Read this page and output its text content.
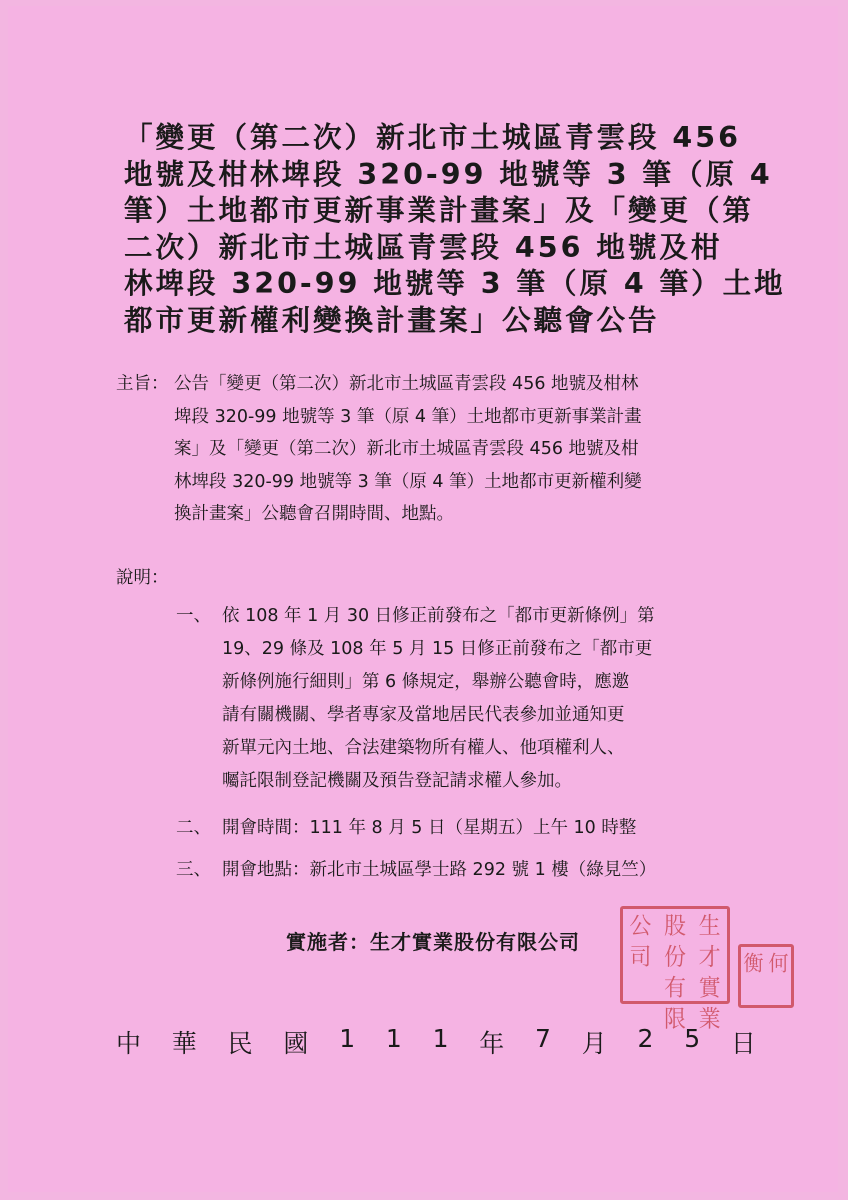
「變更（第二次）新北市土城區青雲段 456
地號及柑林埤段 320-99 地號等 3 筆（原 4
筆）土地都市更新事業計畫案」及「變更（第
二次）新北市土城區青雲段 456 地號及柑
林埤段 320-99 地號等 3 筆（原 4 筆）土地
都市更新權利變換計畫案」公聽會公告
主旨： 公告「變更（第二次）新北市土城區青雲段 456 地號及柑林
埤段 320-99 地號等 3 筆（原 4 筆）土地都市更新事業計畫
案」及「變更（第二次）新北市土城區青雲段 456 地號及柑
林埤段 320-99 地號等 3 筆（原 4 筆）土地都市更新權利變
換計畫案」公聽會召開時間、地點。
說明：
一、 依 108 年 1 月 30 日修正前發布之「都市更新條例」第
19、29 條及 108 年 5 月 15 日修正前發布之「都市更
新條例施行細則」第 6 條規定，舉辦公聽會時，應邀
請有關機關、學者專家及當地居民代表參加並通知更
新單元內土地、合法建築物所有權人、他項權利人、
囑託限制登記機關及預告登記請求權人參加。
二、 開會時間：111 年 8 月 5 日（星期五）上午 10 時整
三、 開會地點：新北市土城區學士路 292 號 1 樓（綠見竺）
實施者：生才實業股份有限公司
公 股 生
司 份 才
有 實
限 業
衡 何
中 華 民 國 1 1 1 年 7 月 2 5 日
